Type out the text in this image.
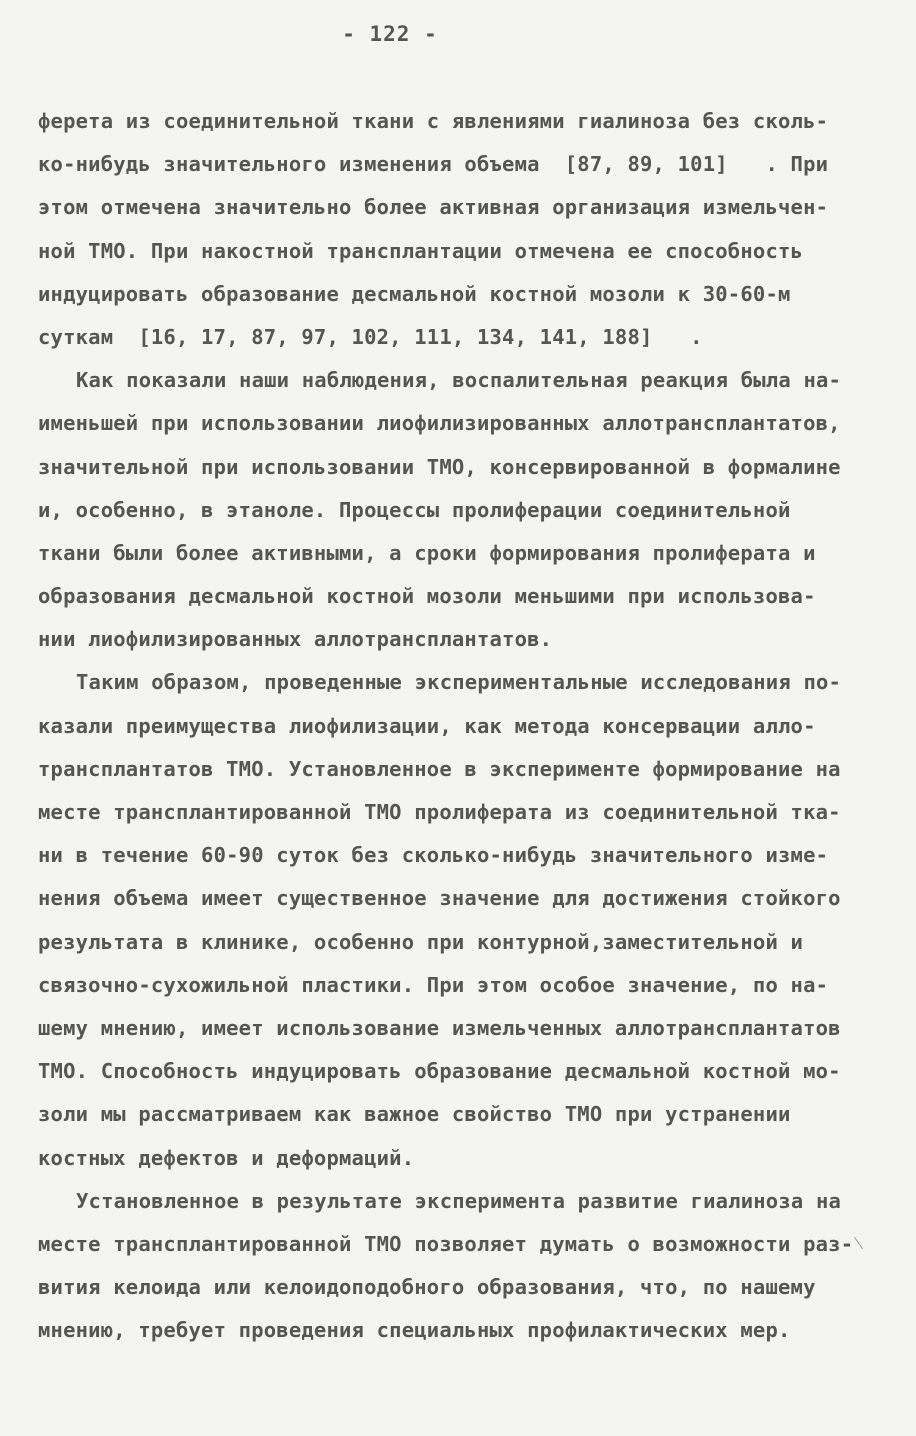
- 122 -
ферета из соединительной ткани с явлениями гиалиноза без сколь-
ко-нибудь значительного изменения объема  [87, 89, 101]   . При
этом отмечена значительно более активная организация измельчен-
ной ТМО. При накостной трансплантации отмечена ее способность
индуцировать образование десмальной костной мозоли к 30-60-м
суткам  [16, 17, 87, 97, 102, 111, 134, 141, 188]   .
Как показали наши наблюдения, воспалительная реакция была на-
именьшей при использовании лиофилизированных аллотрансплантатов,
значительной при использовании ТМО, консервированной в формалине
и, особенно, в этаноле. Процессы пролиферации соединительной
ткани были более активными, а сроки формирования пролиферата и
образования десмальной костной мозоли меньшими при использова-
нии лиофилизированных аллотрансплантатов.
Таким образом, проведенные экспериментальные исследования по-
казали преимущества лиофилизации, как метода консервации алло-
трансплантатов ТМО. Установленное в эксперименте формирование на
месте трансплантированной ТМО пролиферата из соединительной тка-
ни в течение 60-90 суток без сколько-нибудь значительного изме-
нения объема имеет существенное значение для достижения стойкого
результата в клинике, особенно при контурной,заместительной и
связочно-сухожильной пластики. При этом особое значение, по на-
шему мнению, имеет использование измельченных аллотрансплантатов
ТМО. Способность индуцировать образование десмальной костной мо-
золи мы рассматриваем как важное свойство ТМО при устранении
костных дефектов и деформаций.
Установленное в результате эксперимента развитие гиалиноза на
месте трансплантированной ТМО позволяет думать о возможности раз-
вития келоида или келоидоподобного образования, что, по нашему
мнению, требует проведения специальных профилактических мер.
